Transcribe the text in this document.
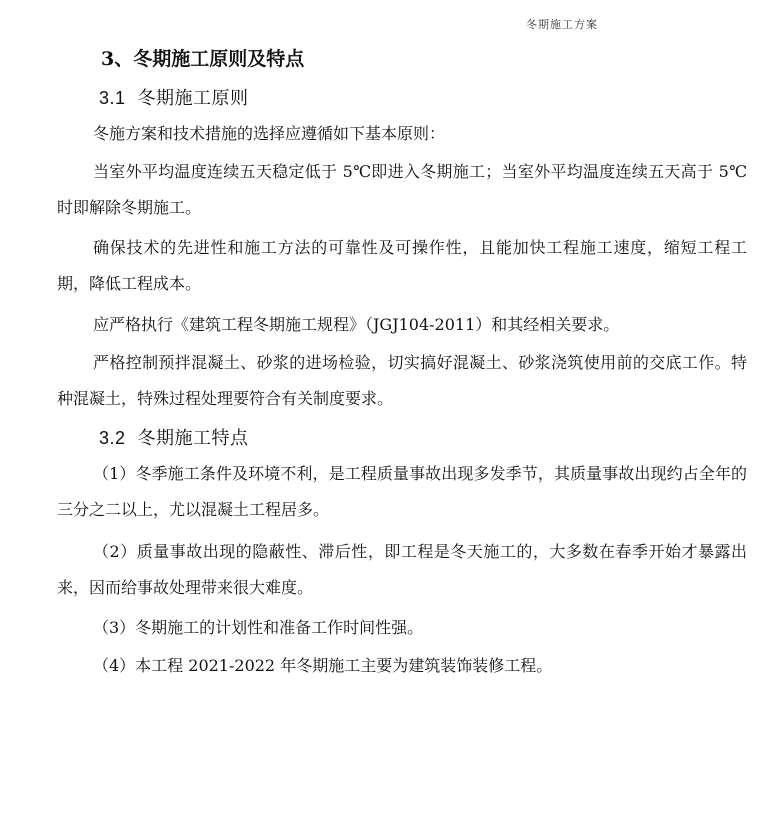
冬期施工方案
3、冬期施工原则及特点
3.1 冬期施工原则
冬施方案和技术措施的选择应遵循如下基本原则：
当室外平均温度连续五天稳定低于 5℃即进入冬期施工；当室外平均温度连续五天高于 5℃时即解除冬期施工。
确保技术的先进性和施工方法的可靠性及可操作性，且能加快工程施工速度，缩短工程工期，降低工程成本。
应严格执行《建筑工程冬期施工规程》（JGJ104-2011）和其经相关要求。
严格控制预拌混凝土、砂浆的进场检验，切实搞好混凝土、砂浆浇筑使用前的交底工作。特种混凝土，特殊过程处理要符合有关制度要求。
3.2 冬期施工特点
（1）冬季施工条件及环境不利，是工程质量事故出现多发季节，其质量事故出现约占全年的三分之二以上，尤以混凝土工程居多。
（2）质量事故出现的隐蔽性、滞后性，即工程是冬天施工的，大多数在春季开始才暴露出来，因而给事故处理带来很大难度。
（3）冬期施工的计划性和准备工作时间性强。
（4）本工程 2021-2022 年冬期施工主要为建筑装饰装修工程。
